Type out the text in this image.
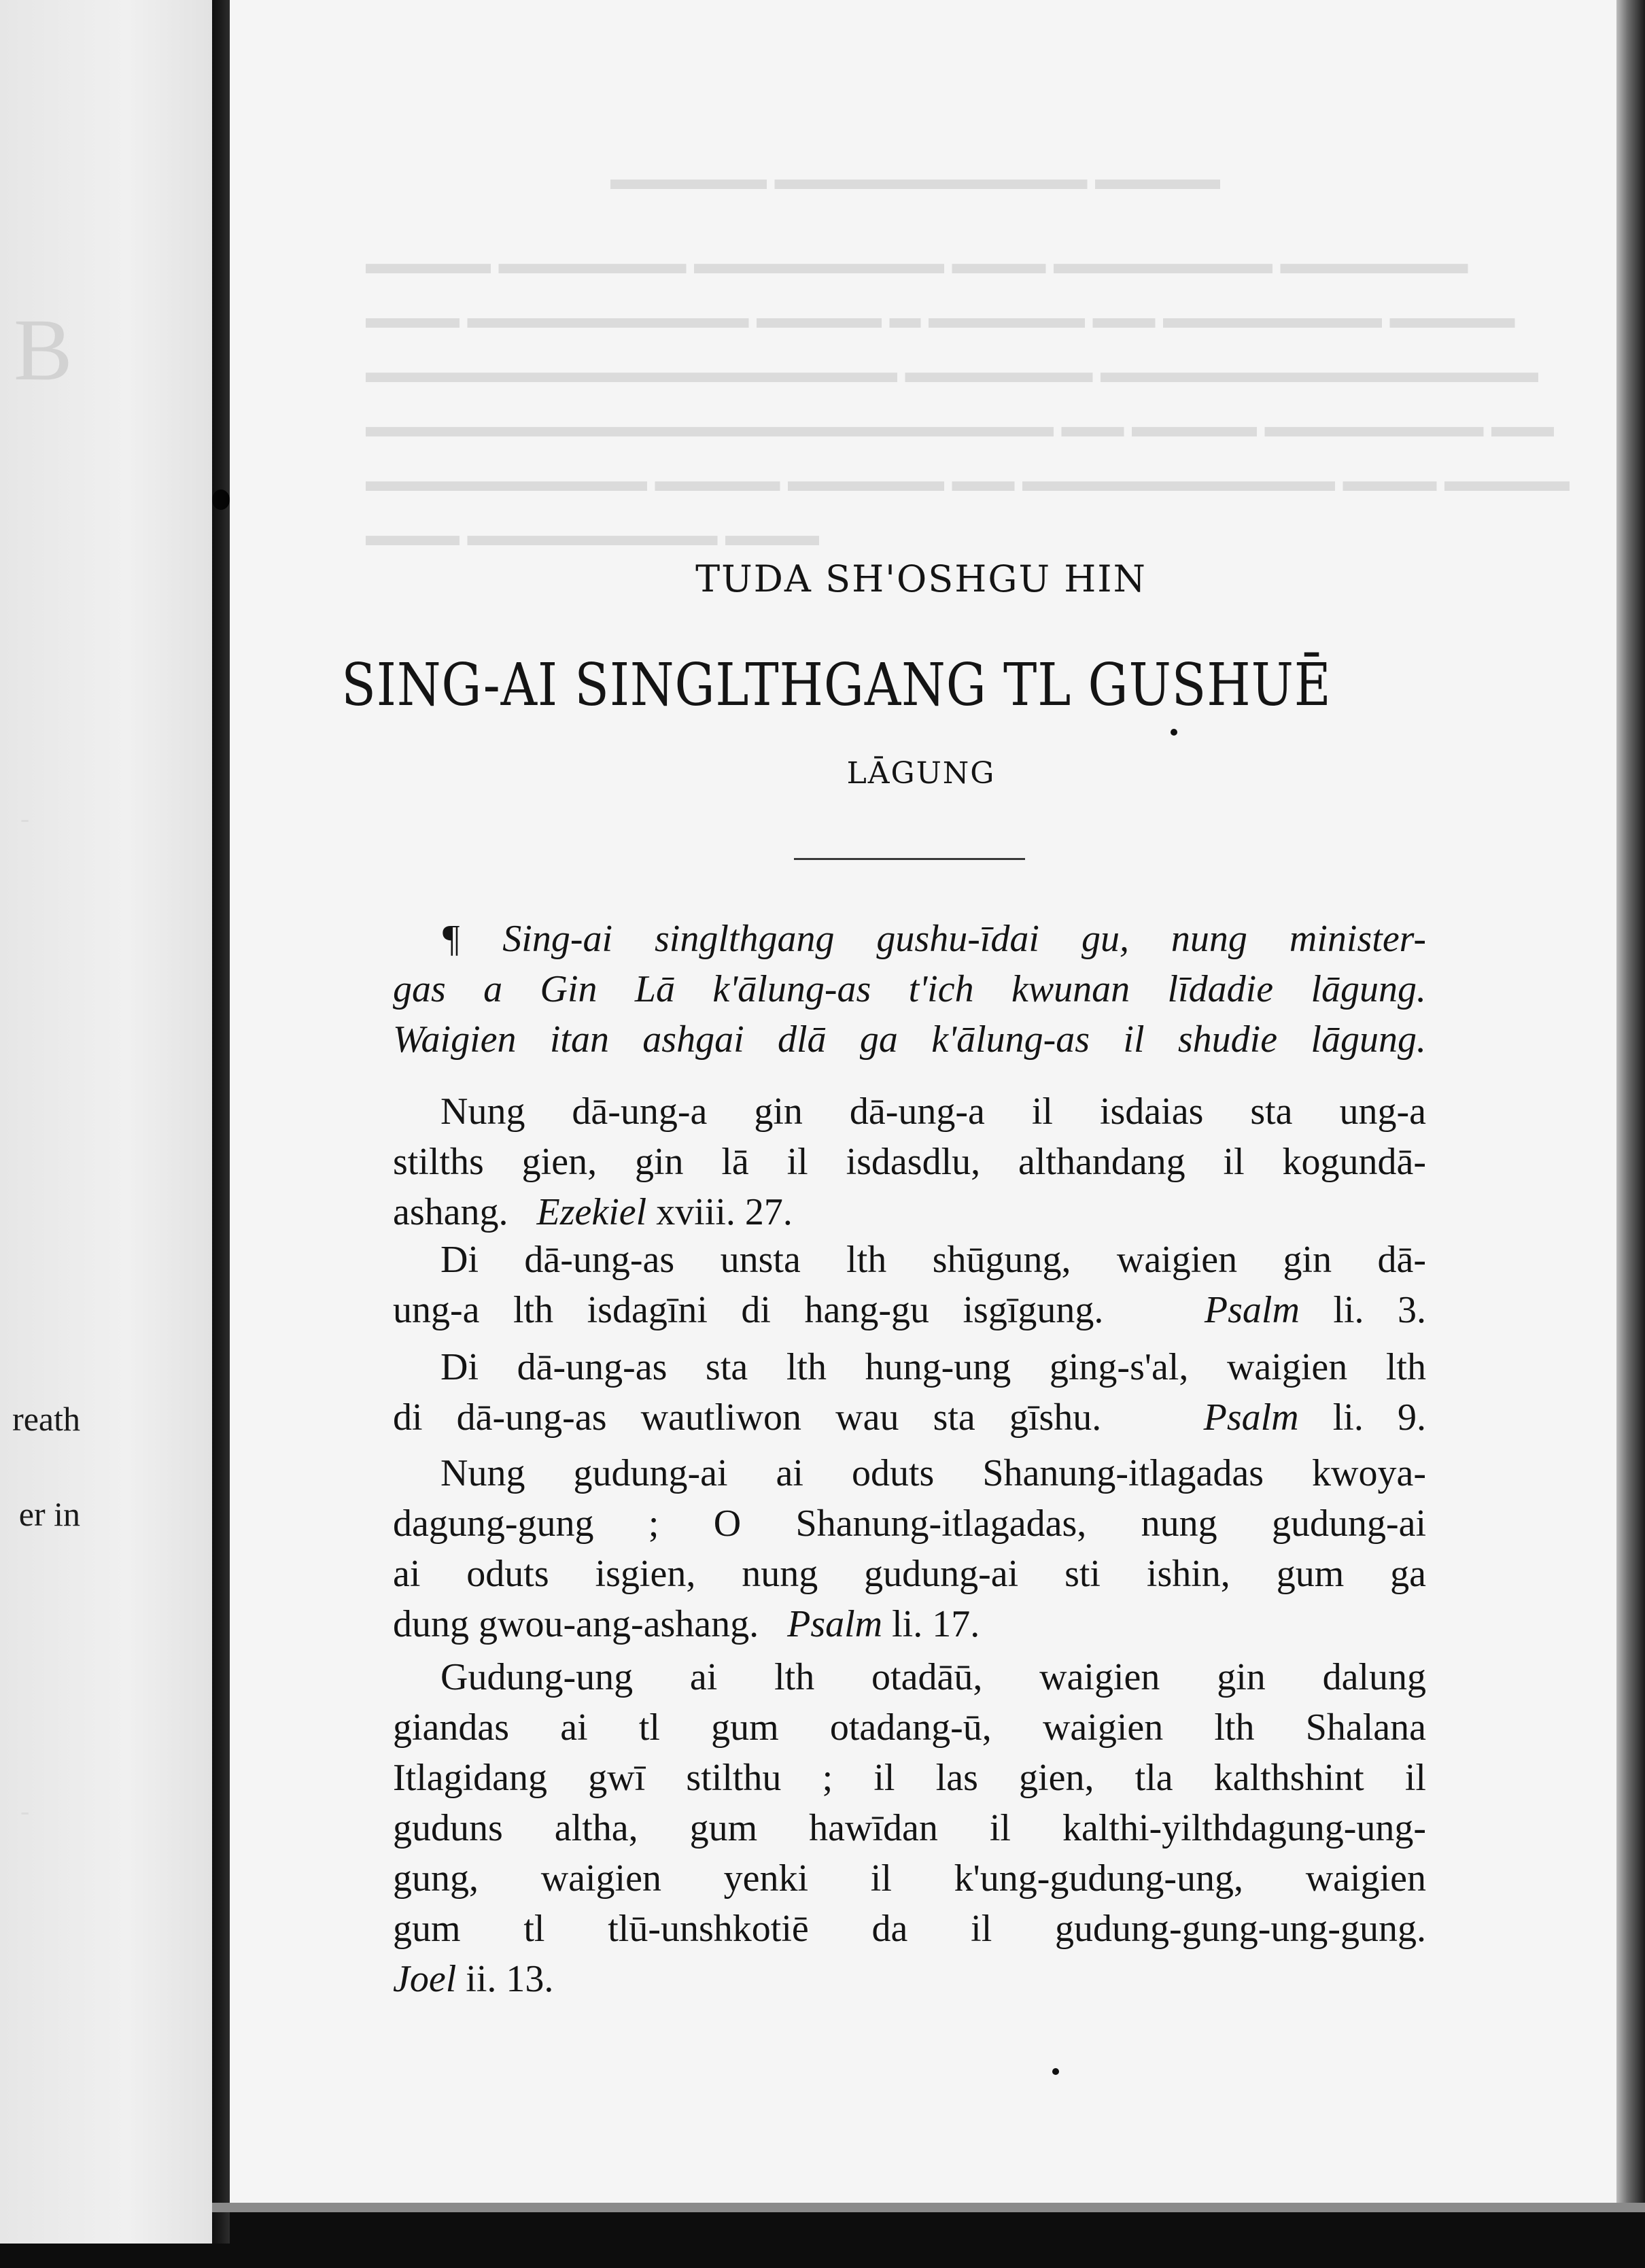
B
-
-
reath
er in
▬▬▬▬ ▬▬▬▬▬▬▬▬▬▬ ▬▬▬▬▬
▬▬▬▬▬▬ ▬▬▬▬▬▬▬ ▬▬▬ ▬▬▬▬▬▬▬▬ ▬▬▬▬▬▬ ▬▬▬▬
▬▬▬▬ ▬▬▬▬▬▬▬ ▬▬ ▬▬▬▬▬ ▬ ▬▬▬▬ ▬▬▬▬▬▬▬▬▬ ▬▬▬
▬▬▬▬▬▬▬▬▬▬▬▬▬▬ ▬▬▬▬▬▬ ▬▬▬▬▬▬▬▬▬▬▬▬▬▬▬▬▬
▬▬ ▬▬▬▬▬▬▬ ▬▬▬▬ ▬▬ ▬▬▬▬▬▬▬▬▬▬▬▬▬▬▬▬▬▬▬▬▬▬
▬▬▬▬ ▬▬▬ ▬▬▬▬▬▬▬▬▬▬ ▬▬ ▬▬▬▬▬ ▬▬▬▬ ▬▬▬▬▬▬▬▬▬
▬▬▬ ▬▬▬▬▬▬▬▬ ▬▬▬
TUDA SH'OSHGU HIN
SING-AI SINGLTHGANG TL GUSHUĒ
LĀGUNG
¶ Sing-ai singlthgang gushu-īdai gu, nung minister-
gas a Gin Lā k'ālung-as t'ich kwunan līdadie lāgung.
Waigien itan ashgai dlā ga k'ālung-as il shudie lāgung.
Nung dā-ung-a gin dā-ung-a il isdaias sta ung-a
stilths gien, gin lā il isdasdlu, althandang il kogundā-
ashang. Ezekiel xviii. 27.
Di dā-ung-as unsta lth shūgung, waigien gin dā-
ung-a lth isdagīni di hang-gu isgīgung.	Psalm li. 3.
Di dā-ung-as sta lth hung-ung ging-s'al, waigien lth
di dā-ung-as wautliwon wau sta gīshu.	Psalm li. 9.
Nung gudung-ai ai oduts Shanung-itlagadas kwoya-
dagung-gung ; O Shanung-itlagadas, nung gudung-ai
ai oduts isgien, nung gudung-ai sti ishin, gum ga
dung gwou-ang-ashang. Psalm li. 17.
Gudung-ung ai lth otadāū, waigien gin dalung
giandas ai tl gum otadang-ū, waigien lth Shalana
Itlagidang gwī stilthu ; il las gien, tla kalthshint il
guduns altha, gum hawīdan il kalthi-yilthdagung-ung-
gung, waigien yenki il k'ung-gudung-ung, waigien
gum tl tlū-unshkotiē da il gudung-gung-ung-gung.
Joel ii. 13.
